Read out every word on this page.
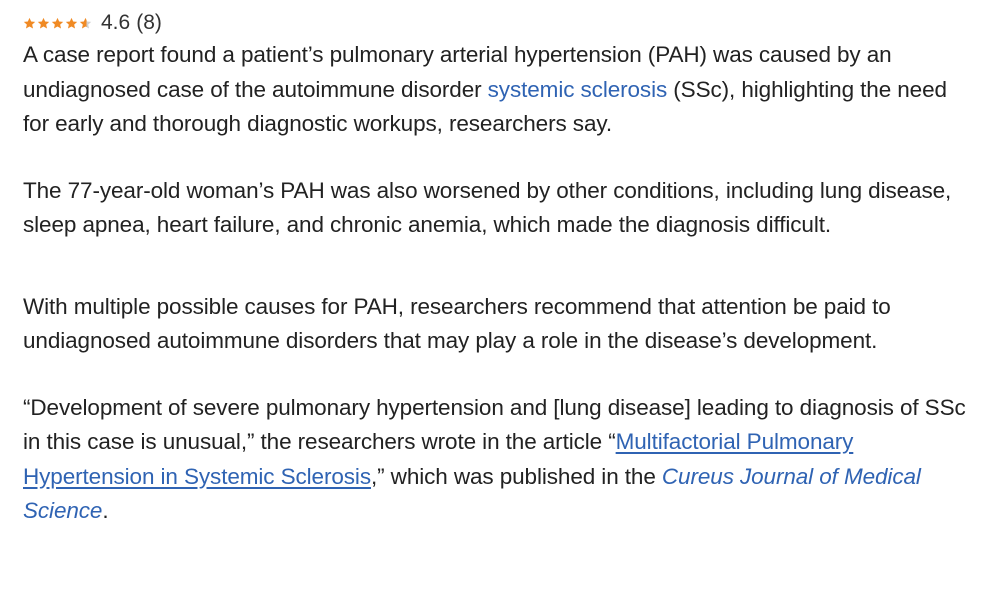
4.6 (8)

A case report found a patient’s pulmonary arterial hypertension (PAH) was caused by an undiagnosed case of the autoimmune disorder systemic sclerosis (SSc), highlighting the need for early and thorough diagnostic workups, researchers say.

The 77-year-old woman’s PAH was also worsened by other conditions, including lung disease, sleep apnea, heart failure, and chronic anemia, which made the diagnosis difficult.

With multiple possible causes for PAH, researchers recommend that attention be paid to undiagnosed autoimmune disorders that may play a role in the disease’s development.

“Development of severe pulmonary hypertension and [lung disease] leading to diagnosis of SSc in this case is unusual,” the researchers wrote in the article “Multifactorial Pulmonary Hypertension in Systemic Sclerosis,” which was published in the Cureus Journal of Medical Science.
